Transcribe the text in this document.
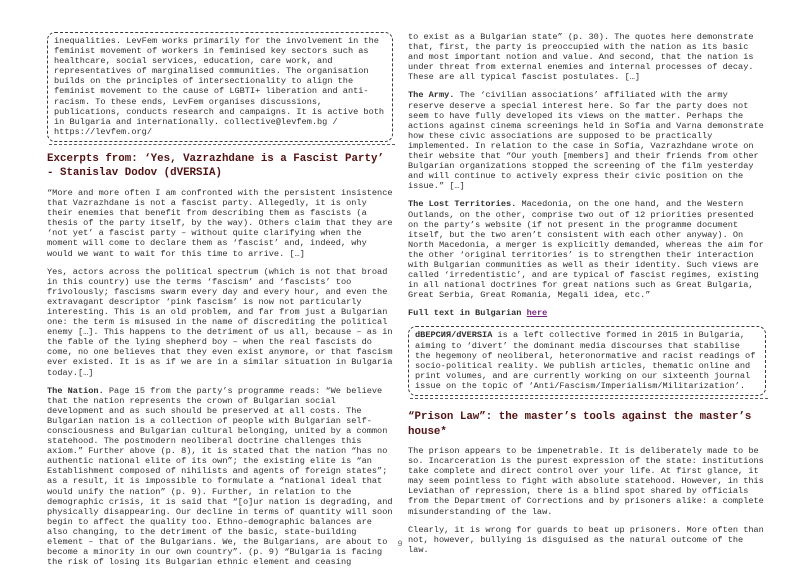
inequalities. LevFem works primarily for the involvement in the feminist movement of workers in feminised key sectors such as healthcare, social services, education, care work, and representatives of marginalised communities. The organisation builds on the principles of intersectionality to align the feminist movement to the cause of LGBTI+ liberation and anti-racism. To these ends, LevFem organises discussions, publications, conducts research and campaigns. It is active both in Bulgaria and internationally. collective@levfem.bg / https://levfem.org/
Excerpts from: ‘Yes, Vazrazhdane is a Fascist Party’ - Stanislav Dodov (dVERSIA)

“More and more often I am confronted with the persistent insistence that Vazrazhdane is not a fascist party. Allegedly, it is only their enemies that benefit from describing them as fascists (a thesis of the party itself, by the way). Others claim that they are ‘not yet’ a fascist party – without quite clarifying when the moment will come to declare them as ‘fascist’ and, indeed, why would we want to wait for this time to arrive. […]

Yes, actors across the political spectrum (which is not that broad in this country) use the terms ‘fascism’ and ‘fascists’ too frivolously; fascisms swarm every day and every hour, and even the extravagant descriptor ‘pink fascism’ is now not particularly interesting. This is an old problem, and far from just a Bulgarian one: the term is misused in the name of discrediting the political enemy […]. This happens to the detriment of us all, because – as in the fable of the lying shepherd boy – when the real fascists do come, no one believes that they even exist anymore, or that fascism ever existed. It is as if we are in a similar situation in Bulgaria today.[…]

The Nation. Page 15 from the party’s programme reads: “We believe that the nation represents the crown of Bulgarian social development and as such should be preserved at all costs. The Bulgarian nation is a collection of people with Bulgarian self-consciousness and Bulgarian cultural belonging, united by a common statehood. The postmodern neoliberal doctrine challenges this axiom.” Further above (p. 8), it is stated that the nation “has no authentic national elite of its own”; the existing elite is “an Establishment composed of nihilists and agents of foreign states”; as a result, it is impossible to formulate a “national ideal that would unify the nation” (p. 9). Further, in relation to the demographic crisis, it is said that “[o]ur nation is degrading, and physically disappearing. Our decline in terms of quantity will soon begin to affect the quality too. Ethno-demographic balances are also changing, to the detriment of the basic, state-building element – that of the Bulgarians. We, the Bulgarians, are about to become a minority in our own country”. (p. 9) “Bulgaria is facing the risk of losing its Bulgarian ethnic element and ceasing

to exist as a Bulgarian state” (p. 30). The quotes here demonstrate that, first, the party is preoccupied with the nation as its basic and most important notion and value. And second, that the nation is under threat from external enemies and internal processes of decay. These are all typical fascist postulates. […]

The Army. The ‘civilian associations’ affiliated with the army reserve deserve a special interest here. So far the party does not seem to have fully developed its views on the matter. Perhaps the actions against cinema screenings held in Sofia and Varna demonstrate how these civic associations are supposed to be practically implemented. In relation to the case in Sofia, Vazrazhdane wrote on their website that “Our youth [members] and their friends from other Bulgarian organizations stopped the screening of the film yesterday and will continue to actively express their civic position on the issue.” […]

The Lost Territories. Macedonia, on the one hand, and the Western Outlands, on the other, comprise two out of 12 priorities presented on the party’s website (if not present in the programme document itself, but the two aren’t consistent with each other anyway). On North Macedonia, a merger is explicitly demanded, whereas the aim for the other ‘original territories’ is to strengthen their interaction with Bulgarian communities as well as their identity. Such views are called ‘irredentistic’, and are typical of fascist regimes, existing in all national doctrines for great nations such as Great Bulgaria, Great Serbia, Great Romania, Megali idea, etc.”

Full text in Bulgarian here

dВЕРСИЯ/dVERSIA is a left collective formed in 2015 in Bulgaria, aiming to ‘divert’ the dominant media discourses that stabilise the hegemony of neoliberal, heteronormative and racist readings of socio-political reality. We publish articles, thematic online and print volumes, and are currently working on our sixteenth journal issue on the topic of ‘Anti/Fascism/Imperialism/Militarization’.
“Prison Law”: the master’s tools against the master’s house*

The prison appears to be impenetrable. It is deliberately made to be so. Incarceration is the purest expression of the state: institutions take complete and direct control over your life. At first glance, it may seem pointless to fight with absolute statehood. However, in this Leviathan of repression, there is a blind spot shared by officials from the Department of Corrections and by prisoners alike: a complete misunderstanding of the law.

Clearly, it is wrong for guards to beat up prisoners. More often than not, however, bullying is disguised as the natural outcome of the law.

9
